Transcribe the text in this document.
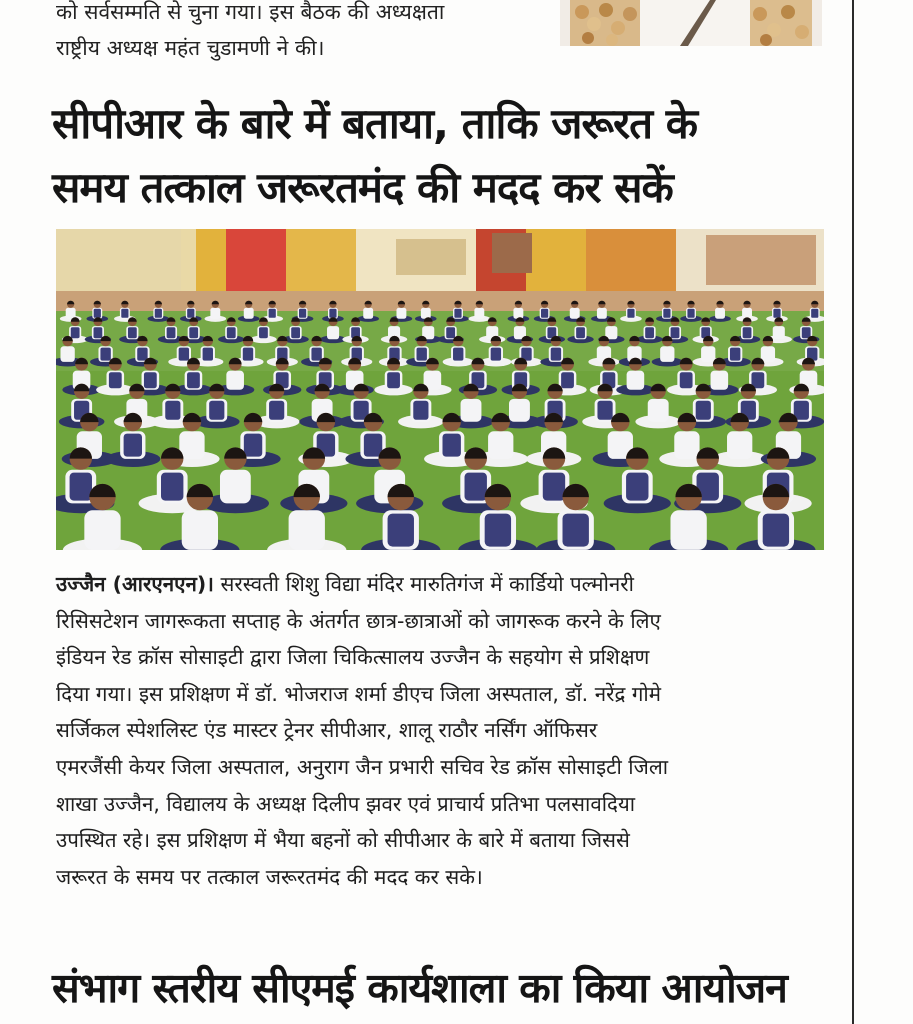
को सर्वसम्मति से चुना गया। इस बैठक की अध्यक्षता
राष्ट्रीय अध्यक्ष महंत चुडामणी ने की।
सीपीआर के बारे में बताया, ताकि जरूरत के
समय तत्काल जरूरतमंद की मदद कर सकें
उज्जैन (आरएनएन)। सरस्वती शिशु विद्या मंदिर मारुतिगंज में कार्डियो पल्मोनरी
रिसिसटेशन जागरूकता सप्ताह के अंतर्गत छात्र-छात्राओं को जागरूक करने के लिए
इंडियन रेड क्रॉस सोसाइटी द्वारा जिला चिकित्सालय उज्जैन के सहयोग से प्रशिक्षण
दिया गया। इस प्रशिक्षण में डॉ. भोजराज शर्मा डीएच जिला अस्पताल, डॉ. नरेंद्र गोमे
सर्जिकल स्पेशलिस्ट एंड मास्टर ट्रेनर सीपीआर, शालू राठौर नर्सिंग ऑफिसर
एमरजैंसी केयर जिला अस्पताल, अनुराग जैन प्रभारी सचिव रेड क्रॉस सोसाइटी जिला
शाखा उज्जैन, विद्यालय के अध्यक्ष दिलीप झवर एवं प्राचार्य प्रतिभा पलसावदिया
उपस्थित रहे। इस प्रशिक्षण में भैया बहनों को सीपीआर के बारे में बताया जिससे
जरूरत के समय पर तत्काल जरूरतमंद की मदद कर सके।
संभाग स्तरीय सीएमई कार्यशाला का किया आयोजन
